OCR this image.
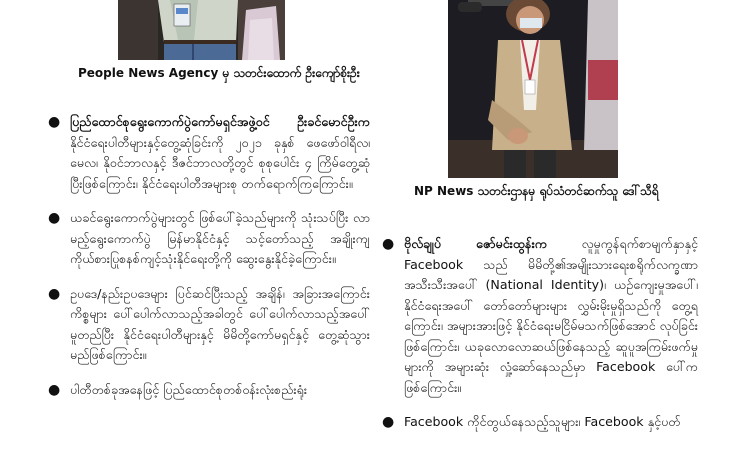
People News Agency မှ သတင်းထောက် ဦးကျော်စိုးဦး
NP News သတင်းဌာနမှ ရုပ်သံတင်ဆက်သူ ဒေါ်သီရိ

● ပြည်ထောင်စုရွေးကောက်ပွဲကော်မရှင်အဖွဲ့ဝင် ဦးခင်မောင်ဦးက နိုင်ငံရေးပါတီများနှင့်တွေ့ဆုံခြင်းကို ၂၀၂၁ ခုနှစ် ဖေဖော်ဝါရီလ၊ မေလ၊ နိုဝင်ဘာလနှင့် ဒီဇင်ဘာလတို့တွင် စုစုပေါင်း ၄ ကြိမ်တွေ့ဆုံပြီးဖြစ်ကြောင်း၊ နိုင်ငံရေးပါတီအများစု တက်ရောက်ကြကြောင်း။

● ယခင်ရွေးကောက်ပွဲများတွင် ဖြစ်ပေါ်ခဲ့သည်များကို သုံးသပ်ပြီး လာမည့်ရွေးကောက်ပွဲ မြန်မာနိုင်ငံနှင့် သင့်တော်သည့် အချိုးကျကိုယ်စားပြုစနစ်ကျင့်သုံးနိုင်ရေးတို့ကို ဆွေးနွေးနိုင်ခဲ့ကြောင်း။

● ဥပဒေ/နည်းဥပဒေများ ပြင်ဆင်ပြီးသည့် အချိန်၊ အခြားအကြောင်းကိစ္စများ ပေါ်ပေါက်လာသည့်အခါတွင် ပေါ်ပေါက်လာသည့်အပေါ် မူတည်ပြီး နိုင်ငံရေးပါတီများနှင့် မိမိတို့ကော်မရှင်နှင့် တွေ့ဆုံသွားမည်ဖြစ်ကြောင်း။

● ပါတီတစ်ခုအနေဖြင့် ပြည်ထောင်စုတစ်ဝန်းလုံးစည်းရုံး

● ဗိုလ်ချုပ် ဇော်မင်းထွန်းက လူမှုကွန်ရက်စာမျက်နှာနှင့် Facebook သည် မိမိတို့၏အမျိုးသားရေးစရိုက်လက္ခဏာ အသီးသီးအပေါ် (National Identity)၊ ယဉ်ကျေးမှုအပေါ်၊ နိုင်ငံရေးအပေါ် တော်တော်များများ လွှမ်းမိုးမှုရှိသည်ကို တွေ့ရကြောင်း၊ အများအားဖြင့် နိုင်ငံရေးမငြိမ်မသက်ဖြစ်အောင် လုပ်ခြင်းဖြစ်ကြောင်း၊ ယခုလောလောဆယ်ဖြစ်နေသည့် ဆူပူအကြမ်းဖက်မှုများကို အများဆုံး လှုံ့ဆော်နေသည်မှာ Facebook ပေါ်က ဖြစ်ကြောင်း။

● Facebook ကိုင်တွယ်နေသည့်သူများ၊ Facebook နှင့်ပတ်
